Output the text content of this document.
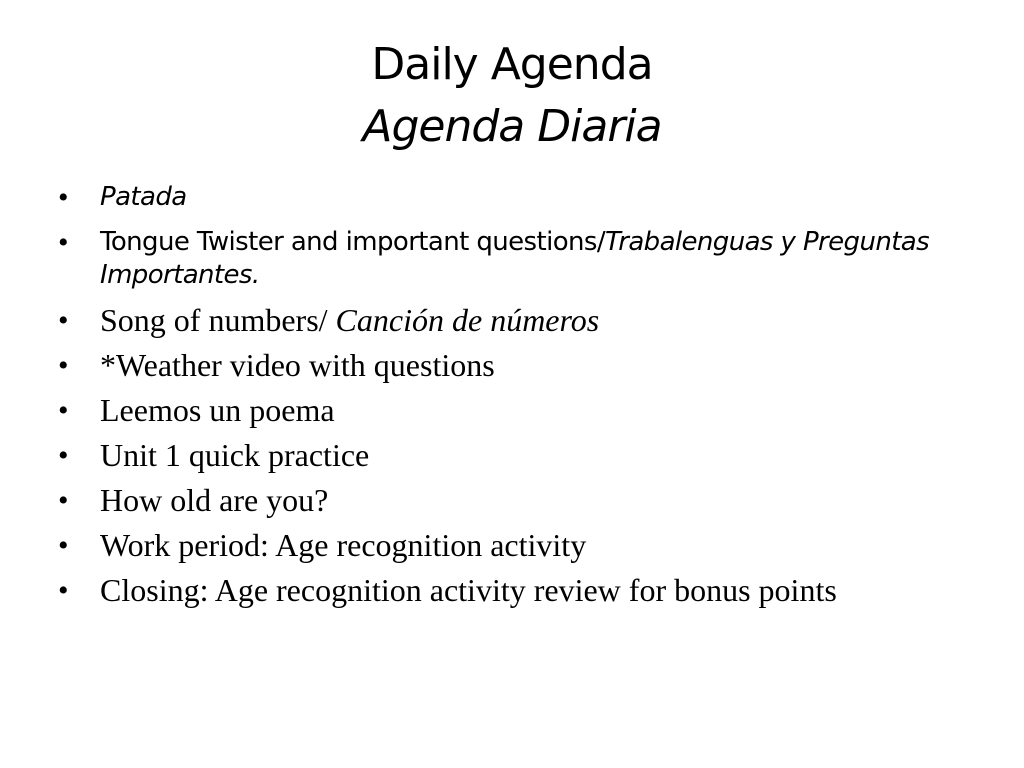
Daily Agenda
Agenda Diaria
• Patada
• Tongue Twister and important questions/Trabalenguas y Preguntas Importantes.
• Song of numbers/ Canción de números
• *Weather video with questions
• Leemos un poema
• Unit 1 quick practice
• How old are you?
• Work period: Age recognition activity
• Closing: Age recognition activity review for bonus points
